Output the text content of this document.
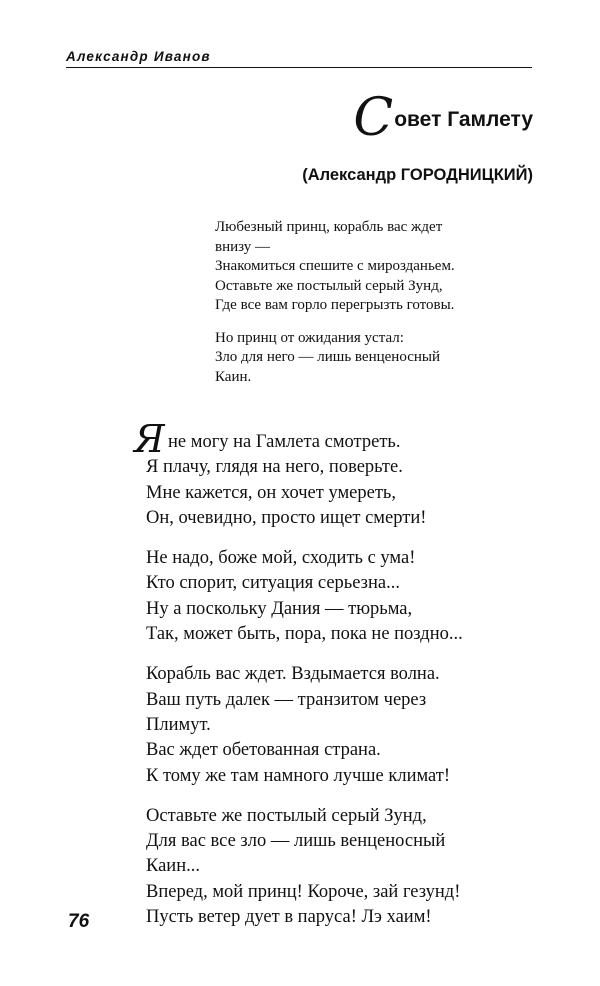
Александр Иванов
Совет Гамлету
(Александр ГОРОДНИЦКИЙ)
Любезный принц, корабль вас ждет
внизу —
Знакомиться спешите с мирозданьем.
Оставьте же постылый серый Зунд,
Где все вам горло перегрызть готовы.
Но принц от ожидания устал:
Зло для него — лишь венценосный
Каин.
Я не могу на Гамлета смотреть.
Я плачу, глядя на него, поверьте.
Мне кажется, он хочет умереть,
Он, очевидно, просто ищет смерти!
Не надо, боже мой, сходить с ума!
Кто спорит, ситуация серьезна...
Ну а поскольку Дания — тюрьма,
Так, может быть, пора, пока не поздно...
Корабль вас ждет. Вздымается волна.
Ваш путь далек — транзитом через
Плимут.
Вас ждет обетованная страна.
К тому же там намного лучше климат!
Оставьте же постылый серый Зунд,
Для вас все зло — лишь венценосный
Каин...
Вперед, мой принц! Короче, зай гезунд!
Пусть ветер дует в паруса! Лэ хаим!
76
